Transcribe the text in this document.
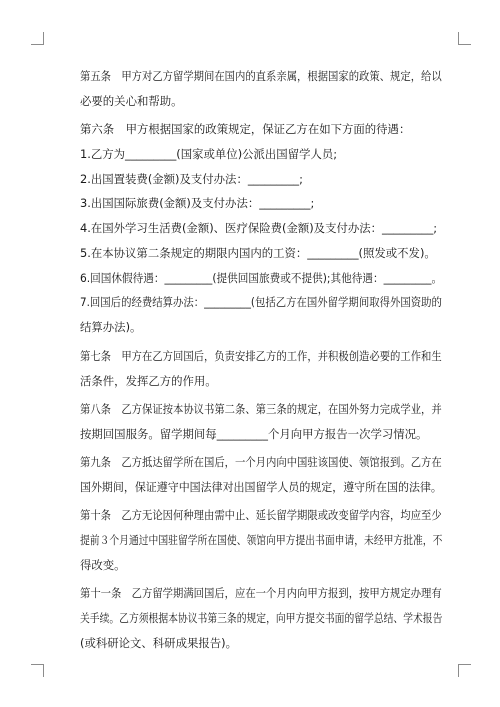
第五条　甲方对乙方留学期间在国内的直系亲属，根据国家的政策、规定，给以
必要的关心和帮助。
第六条　甲方根据国家的政策规定，保证乙方在如下方面的待遇：
1.乙方为_________(国家或单位)公派出国留学人员;
2.出国置装费(金额)及支付办法：_________;
3.出国国际旅费(金额)及支付办法：_________;
4.在国外学习生活费(金额)、医疗保险费(金额)及支付办法：_________;
5.在本协议第二条规定的期限内国内的工资：_________(照发或不发)。
6.回国休假待遇：_________(提供回国旅费或不提供);其他待遇：_________。
7.回国后的经费结算办法：_________(包括乙方在国外留学期间取得外国资助的
结算办法)。
第七条　甲方在乙方回国后，负责安排乙方的工作，并积极创造必要的工作和生
活条件，发挥乙方的作用。
第八条　乙方保证按本协议书第二条、第三条的规定，在国外努力完成学业，并
按期回国服务。留学期间每_________个月向甲方报告一次学习情况。
第九条　乙方抵达留学所在国后，一个月内向中国驻该国使、领馆报到。乙方在
国外期间，保证遵守中国法律对出国留学人员的规定，遵守所在国的法律。
第十条　乙方无论因何种理由需中止、延长留学期限或改变留学内容，均应至少
提前３个月通过中国驻留学所在国使、领馆向甲方提出书面申请，未经甲方批准，不
得改变。
第十一条　乙方留学期满回国后，应在一个月内向甲方报到，按甲方规定办理有
关手续。乙方须根据本协议书第三条的规定，向甲方提交书面的留学总结、学术报告
(或科研论文、科研成果报告)。
